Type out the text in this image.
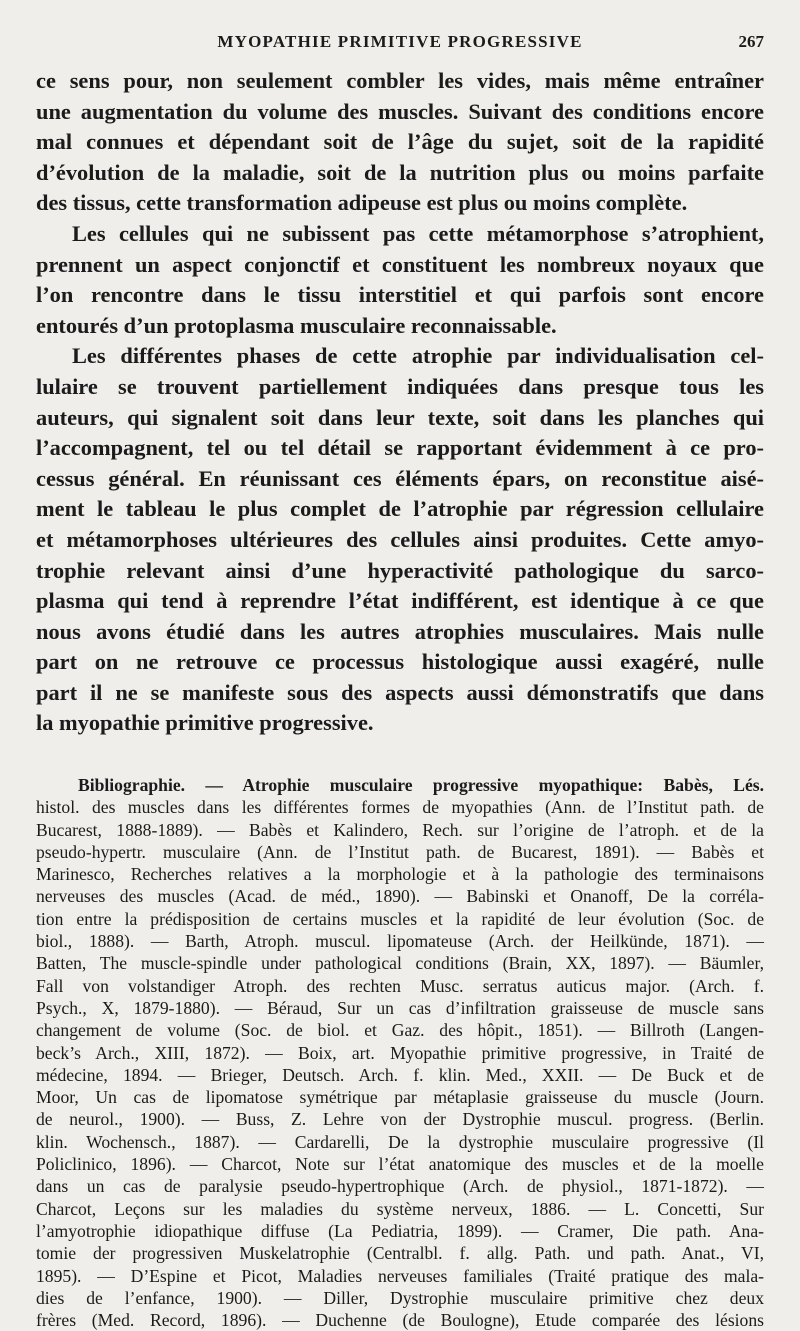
MYOPATHIE PRIMITIVE PROGRESSIVE	267
ce sens pour, non seulement combler les vides, mais même entraîner
une augmentation du volume des muscles. Suivant des conditions encore
mal connues et dépendant soit de l’âge du sujet, soit de la rapidité
d’évolution de la maladie, soit de la nutrition plus ou moins parfaite
des tissus, cette transformation adipeuse est plus ou moins complète.
Les cellules qui ne subissent pas cette métamorphose s’atrophient,
prennent un aspect conjonctif et constituent les nombreux noyaux que
l’on rencontre dans le tissu interstitiel et qui parfois sont encore
entourés d’un protoplasma musculaire reconnaissable.
Les différentes phases de cette atrophie par individualisation cel-
lulaire se trouvent partiellement indiquées dans presque tous les
auteurs, qui signalent soit dans leur texte, soit dans les planches qui
l’accompagnent, tel ou tel détail se rapportant évidemment à ce pro-
cessus général. En réunissant ces éléments épars, on reconstitue aisé-
ment le tableau le plus complet de l’atrophie par régression cellulaire
et métamorphoses ultérieures des cellules ainsi produites. Cette amyo-
trophie relevant ainsi d’une hyperactivité pathologique du sarco-
plasma qui tend à reprendre l’état indifférent, est identique à ce que
nous avons étudié dans les autres atrophies musculaires. Mais nulle
part on ne retrouve ce processus histologique aussi exagéré, nulle
part il ne se manifeste sous des aspects aussi démonstratifs que dans
la myopathie primitive progressive.
Bibliographie. — Atrophie musculaire progressive myopathique: Babès, Lés.
histol. des muscles dans les différentes formes de myopathies (Ann. de l’Institut path. de
Bucarest, 1888-1889). — Babès et Kalindero, Rech. sur l’origine de l’atroph. et de la
pseudo-hypertr. musculaire (Ann. de l’Institut path. de Bucarest, 1891). — Babès et
Marinesco, Recherches relatives a la morphologie et à la pathologie des terminaisons
nerveuses des muscles (Acad. de méd., 1890). — Babinski et Onanoff, De la corréla-
tion entre la prédisposition de certains muscles et la rapidité de leur évolution (Soc. de
biol., 1888). — Barth, Atroph. muscul. lipomateuse (Arch. der Heilkünde, 1871). —
Batten, The muscle-spindle under pathological conditions (Brain, XX, 1897). — Bäumler,
Fall von volstandiger Atroph. des rechten Musc. serratus auticus major. (Arch. f.
Psych., X, 1879-1880). — Béraud, Sur un cas d’infiltration graisseuse de muscle sans
changement de volume (Soc. de biol. et Gaz. des hôpit., 1851). — Billroth (Langen-
beck’s Arch., XIII, 1872). — Boix, art. Myopathie primitive progressive, in Traité de
médecine, 1894. — Brieger, Deutsch. Arch. f. klin. Med., XXII. — De Buck et de
Moor, Un cas de lipomatose symétrique par métaplasie graisseuse du muscle (Journ.
de neurol., 1900). — Buss, Z. Lehre von der Dystrophie muscul. progress. (Berlin.
klin. Wochensch., 1887). — Cardarelli, De la dystrophie musculaire progressive (Il
Policlinico, 1896). — Charcot, Note sur l’état anatomique des muscles et de la moelle
dans un cas de paralysie pseudo-hypertrophique (Arch. de physiol., 1871-1872). —
Charcot, Leçons sur les maladies du système nerveux, 1886. — L. Concetti, Sur
l’amyotrophie idiopathique diffuse (La Pediatria, 1899). — Cramer, Die path. Ana-
tomie der progressiven Muskelatrophie (Centralbl. f. allg. Path. und path. Anat., VI,
1895). — D’Espine et Picot, Maladies nerveuses familiales (Traité pratique des mala-
dies de l’enfance, 1900). — Diller, Dystrophie musculaire primitive chez deux
frères (Med. Record, 1896). — Duchenne (de Boulogne), Etude comparée des lésions
